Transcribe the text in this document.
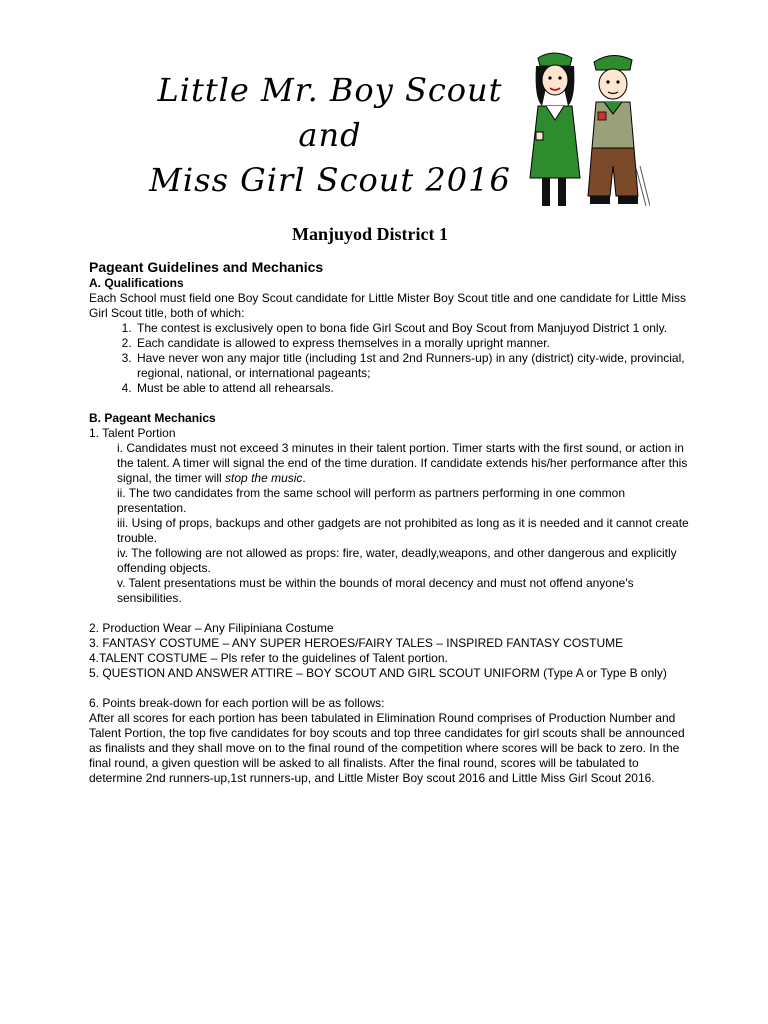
Little Mr. Boy Scout
and
Miss Girl Scout 2016
Manjuyod District 1
Pageant Guidelines and Mechanics
A. Qualifications
Each School must field one Boy Scout candidate for Little Mister Boy Scout title and one candidate for Little Miss Girl Scout title, both of which:
1. The contest is exclusively open to bona fide Girl Scout and Boy Scout from Manjuyod District 1 only.
2. Each candidate is allowed to express themselves in a morally upright manner.
3. Have never won any major title (including 1st and 2nd Runners-up) in any (district) city-wide, provincial, regional, national, or international pageants;
4. Must be able to attend all rehearsals.
B. Pageant Mechanics
1. Talent Portion
i. Candidates must not exceed 3 minutes in their talent portion. Timer starts with the first sound, or action in the talent. A timer will signal the end of the time duration. If candidate extends his/her performance after this signal, the timer will stop the music.
ii. The two candidates from the same school will perform as partners performing in one common presentation.
iii. Using of props, backups and other gadgets are not prohibited as long as it is needed and it cannot create trouble.
iv. The following are not allowed as props: fire, water, deadly,weapons, and other dangerous and explicitly
offending objects.
v. Talent presentations must be within the bounds of moral decency and must not offend anyone's sensibilities.
2. Production Wear – Any Filipiniana Costume
3. FANTASY COSTUME – ANY SUPER HEROES/FAIRY TALES – INSPIRED FANTASY COSTUME
4.TALENT COSTUME – Pls refer to the guidelines of Talent portion.
5. QUESTION AND ANSWER ATTIRE – BOY SCOUT AND GIRL SCOUT UNIFORM (Type A or Type B only)
6. Points break-down for each portion will be as follows:
After all scores for each portion has been tabulated in Elimination Round comprises of Production Number and Talent Portion, the top five candidates for boy scouts and top three candidates for girl scouts shall be announced as finalists and they shall move on to the final round of the competition where scores will be back to zero. In the final round, a given question will be asked to all finalists. After the final round, scores will be tabulated to determine 2nd runners-up,1st runners-up, and Little Mister Boy scout 2016 and Little Miss Girl Scout 2016.
